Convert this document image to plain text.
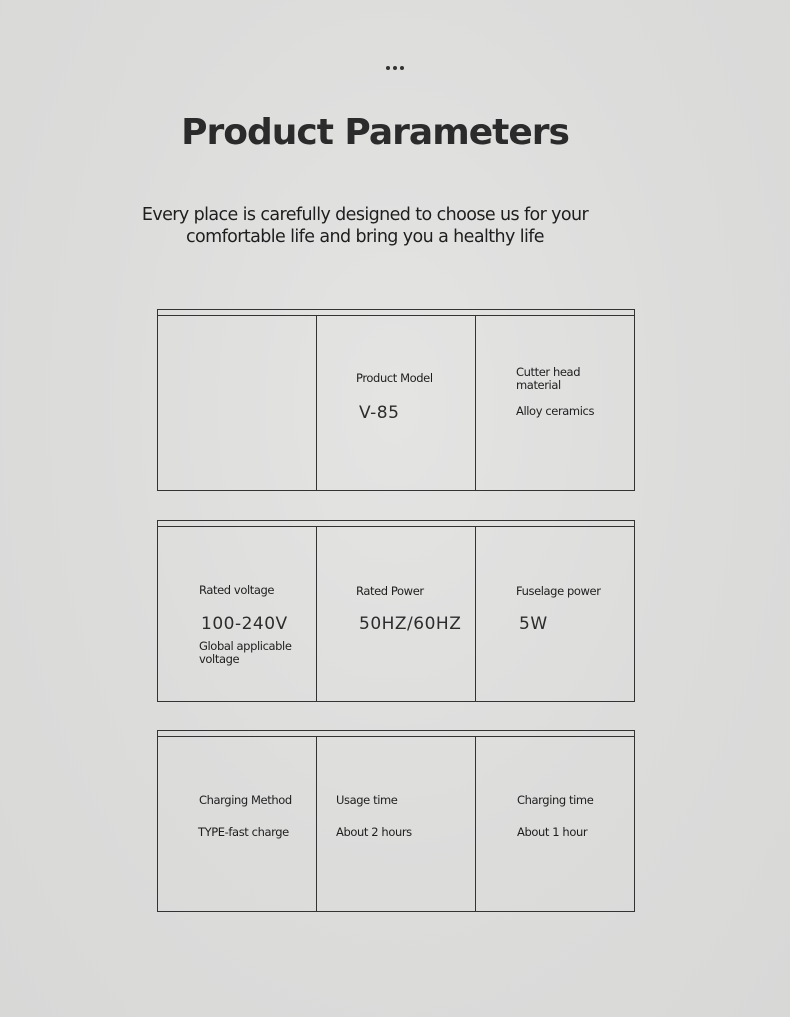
Product Parameters
Every place is carefully designed to choose us for your
comfortable life and bring you a healthy life
Product Model
V-85
Cutter head material
Alloy ceramics
Rated voltage
100-240V
Global applicable voltage
Rated Power
50HZ/60HZ
Fuselage power
5W
Charging Method
TYPE-fast charge
Usage time
About 2 hours
Charging time
About 1 hour
